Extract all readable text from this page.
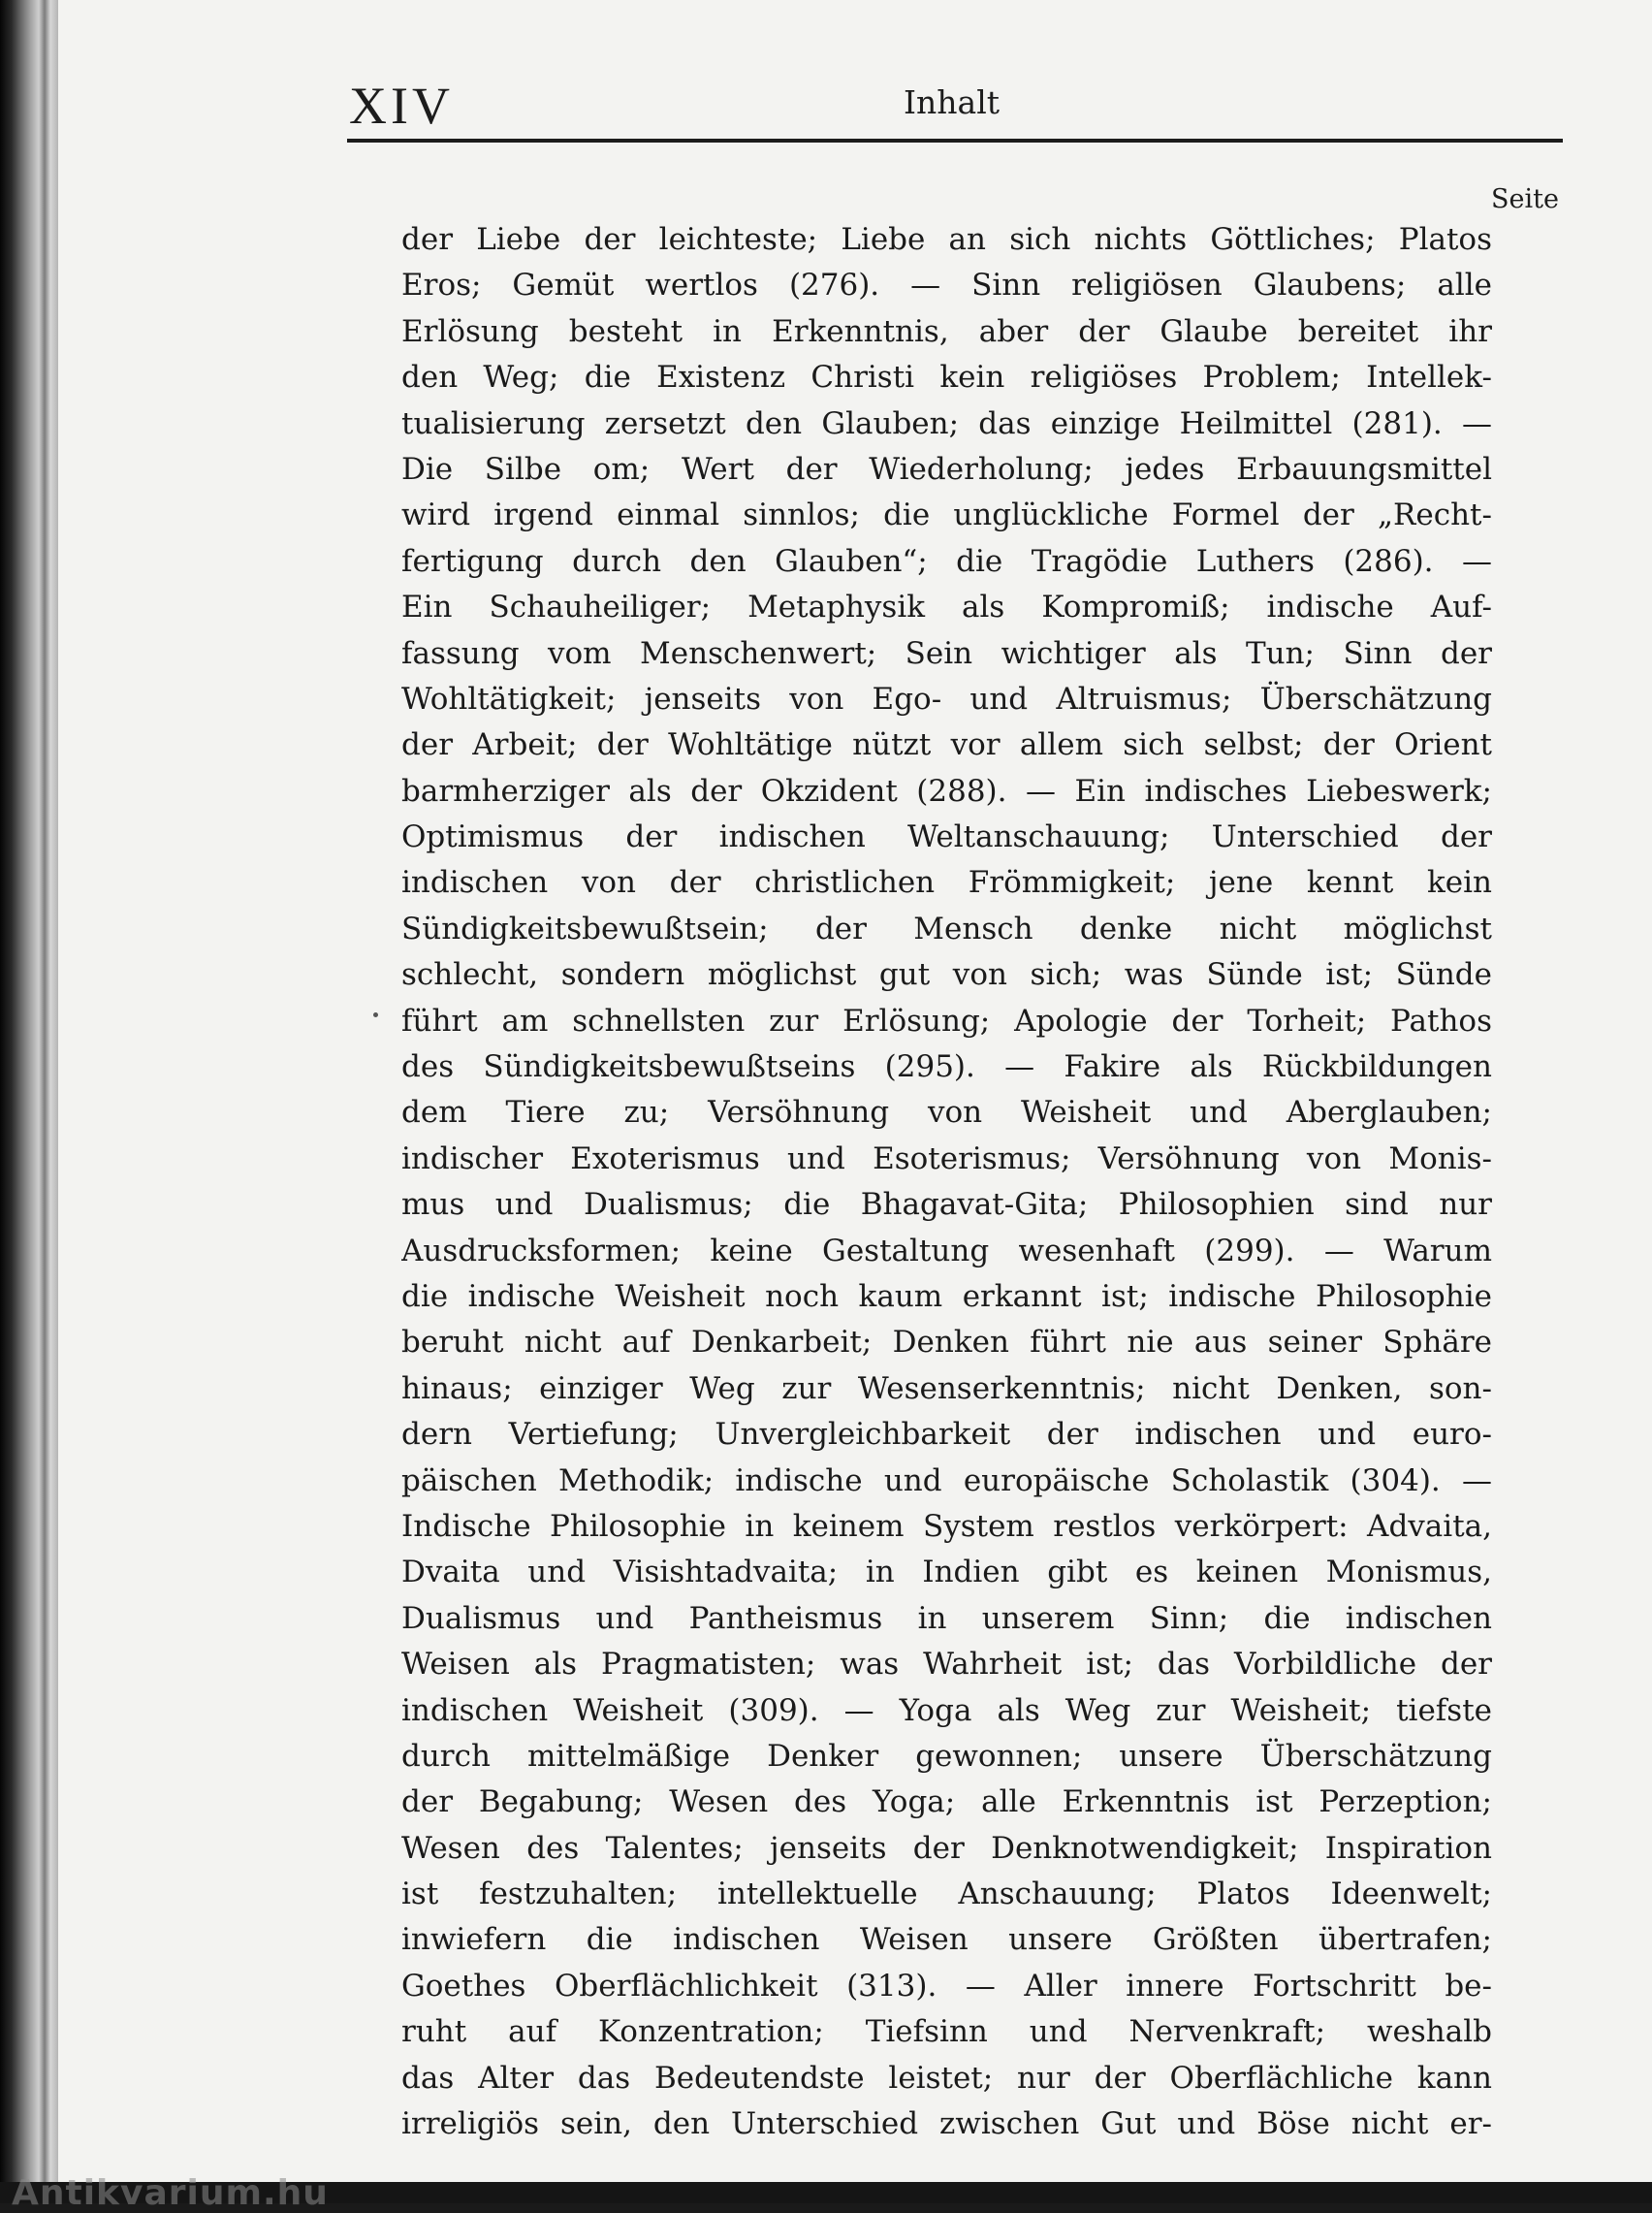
XIV	Inhalt
Seite
der Liebe der leichteste; Liebe an sich nichts Göttliches; Platos
Eros; Gemüt wertlos (276). — Sinn religiösen Glaubens; alle
Erlösung besteht in Erkenntnis, aber der Glaube bereitet ihr
den Weg; die Existenz Christi kein religiöses Problem; Intellek-
tualisierung zersetzt den Glauben; das einzige Heilmittel (281). —
Die Silbe om; Wert der Wiederholung; jedes Erbauungsmittel
wird irgend einmal sinnlos; die unglückliche Formel der „Recht-
fertigung durch den Glauben“; die Tragödie Luthers (286). —
Ein Schauheiliger; Metaphysik als Kompromiß; indische Auf-
fassung vom Menschenwert; Sein wichtiger als Tun; Sinn der
Wohltätigkeit; jenseits von Ego- und Altruismus; Überschätzung
der Arbeit; der Wohltätige nützt vor allem sich selbst; der Orient
barmherziger als der Okzident (288). — Ein indisches Liebeswerk;
Optimismus der indischen Weltanschauung; Unterschied der
indischen von der christlichen Frömmigkeit; jene kennt kein
Sündigkeitsbewußtsein; der Mensch denke nicht möglichst
schlecht, sondern möglichst gut von sich; was Sünde ist; Sünde
führt am schnellsten zur Erlösung; Apologie der Torheit; Pathos
des Sündigkeitsbewußtseins (295). — Fakire als Rückbildungen
dem Tiere zu; Versöhnung von Weisheit und Aberglauben;
indischer Exoterismus und Esoterismus; Versöhnung von Monis-
mus und Dualismus; die Bhagavat-Gita; Philosophien sind nur
Ausdrucksformen; keine Gestaltung wesenhaft (299). — Warum
die indische Weisheit noch kaum erkannt ist; indische Philosophie
beruht nicht auf Denkarbeit; Denken führt nie aus seiner Sphäre
hinaus; einziger Weg zur Wesenserkenntnis; nicht Denken, son-
dern Vertiefung; Unvergleichbarkeit der indischen und euro-
päischen Methodik; indische und europäische Scholastik (304). —
Indische Philosophie in keinem System restlos verkörpert: Advaita,
Dvaita und Visishtadvaita; in Indien gibt es keinen Monismus,
Dualismus und Pantheismus in unserem Sinn; die indischen
Weisen als Pragmatisten; was Wahrheit ist; das Vorbildliche der
indischen Weisheit (309). — Yoga als Weg zur Weisheit; tiefste
durch mittelmäßige Denker gewonnen; unsere Überschätzung
der Begabung; Wesen des Yoga; alle Erkenntnis ist Perzeption;
Wesen des Talentes; jenseits der Denknotwendigkeit; Inspiration
ist festzuhalten; intellektuelle Anschauung; Platos Ideenwelt;
inwiefern die indischen Weisen unsere Größten übertrafen;
Goethes Oberflächlichkeit (313). — Aller innere Fortschritt be-
ruht auf Konzentration; Tiefsinn und Nervenkraft; weshalb
das Alter das Bedeutendste leistet; nur der Oberflächliche kann
irreligiös sein, den Unterschied zwischen Gut und Böse nicht er-
Antikvarium.hu
